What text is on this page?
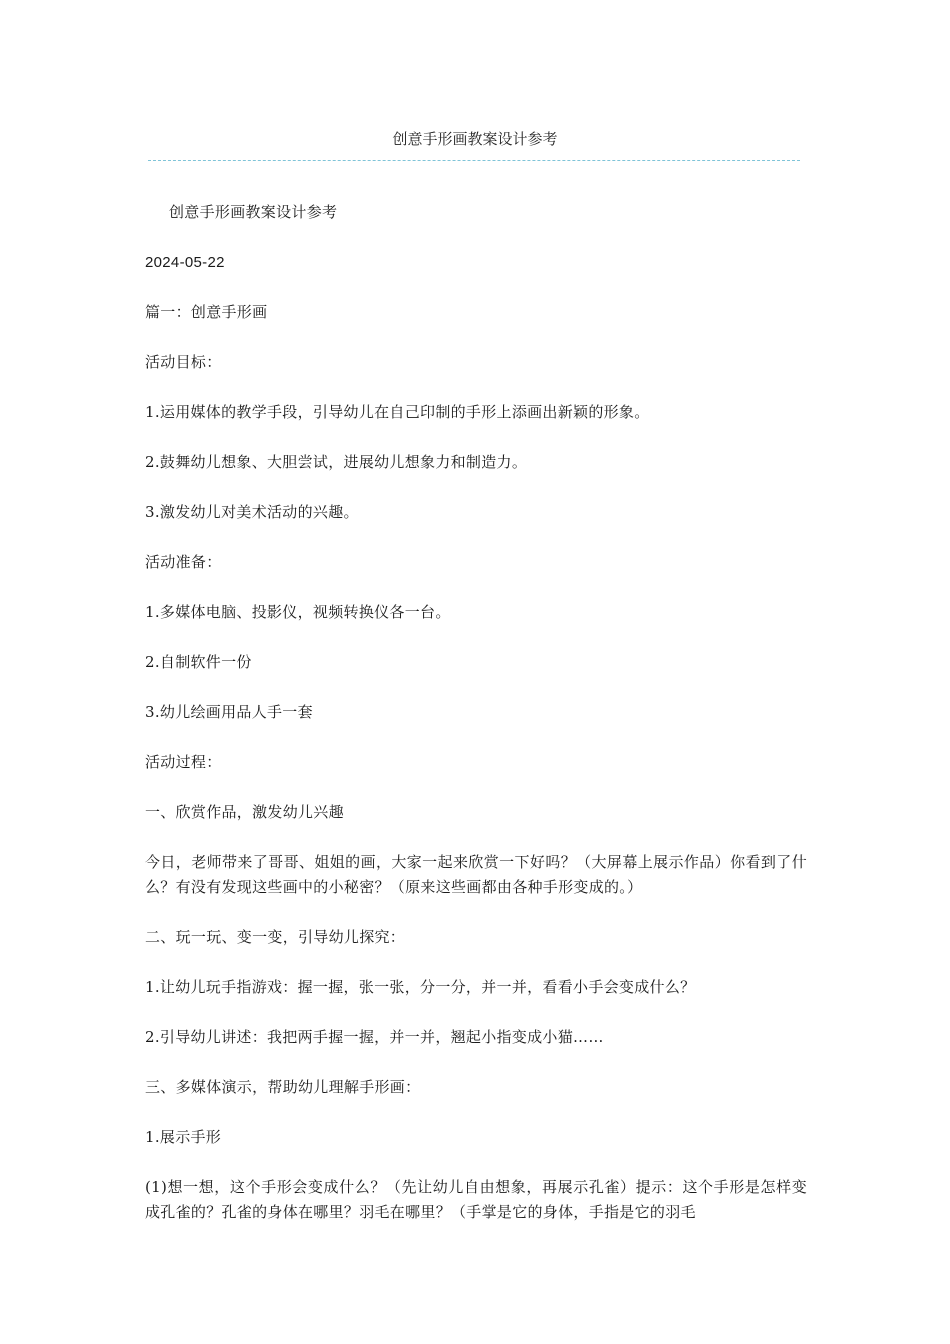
创意手形画教案设计参考

创意手形画教案设计参考

2024-05-22

篇一：创意手形画

活动目标：

1.运用媒体的教学手段，引导幼儿在自己印制的手形上添画出新颖的形象。

2.鼓舞幼儿想象、大胆尝试，进展幼儿想象力和制造力。

3.激发幼儿对美术活动的兴趣。

活动准备：

1.多媒体电脑、投影仪，视频转换仪各一台。

2.自制软件一份

3.幼儿绘画用品人手一套

活动过程：

一、欣赏作品，激发幼儿兴趣

今日，老师带来了哥哥、姐姐的画，大家一起来欣赏一下好吗？（大屏幕上展示作品）你看到了什么？有没有发现这些画中的小秘密？（原来这些画都由各种手形变成的。）

二、玩一玩、变一变，引导幼儿探究：

1.让幼儿玩手指游戏：握一握，张一张，分一分，并一并，看看小手会变成什么？

2.引导幼儿讲述：我把两手握一握，并一并，翘起小指变成小猫……

三、多媒体演示，帮助幼儿理解手形画：

1.展示手形

(1)想一想，这个手形会变成什么？（先让幼儿自由想象，再展示孔雀）提示：这个手形是怎样变成孔雀的？孔雀的身体在哪里？羽毛在哪里？（手掌是它的身体，手指是它的羽毛
